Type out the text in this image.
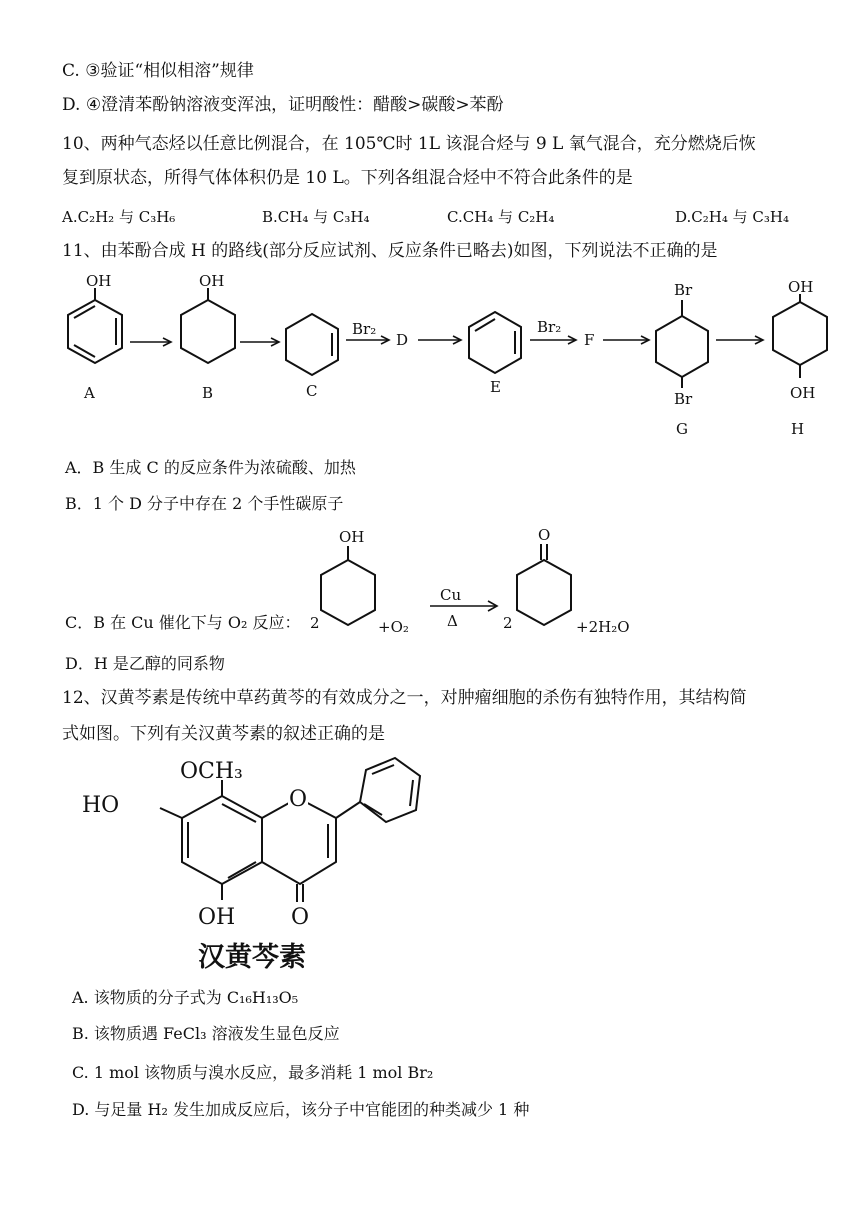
C. ③验证“相似相溶”规律
D. ④澄清苯酚钠溶液变浑浊，证明酸性：醋酸>碳酸>苯酚
10、两种气态烃以任意比例混合，在 105℃时 1L 该混合烃与 9 L 氧气混合，充分燃烧后恢
复到原状态，所得气体体积仍是 10 L。下列各组混合烃中不符合此条件的是
A.C₂H₂ 与 C₃H₆	B.CH₄ 与 C₃H₄	C.CH₄ 与 C₂H₄	D.C₂H₄ 与 C₃H₄
11、由苯酚合成 H 的路线(部分反应试剂、反应条件已略去)如图，下列说法不正确的是
OH
A
OH
B	C
Br₂
D
E
Br₂
F
Br
Br
G
OH
OH
H
A．B 生成 C 的反应条件为浓硫酸、加热
B．1 个 D 分子中存在 2 个手性碳原子
C．B 在 Cu 催化下与 O₂ 反应： 2
OH
+O₂
Cu
Δ	2
O
+2H₂O
D．H 是乙醇的同系物
12、汉黄芩素是传统中草药黄芩的有效成分之一，对肿瘤细胞的杀伤有独特作用，其结构简
式如图。下列有关汉黄芩素的叙述正确的是
OCH₃
HO
OH	O
O
汉黄芩素
A. 该物质的分子式为 C₁₆H₁₃O₅
B. 该物质遇 FeCl₃ 溶液发生显色反应
C. 1 mol 该物质与溴水反应，最多消耗 1 mol Br₂
D. 与足量 H₂ 发生加成反应后，该分子中官能团的种类减少 1 种
